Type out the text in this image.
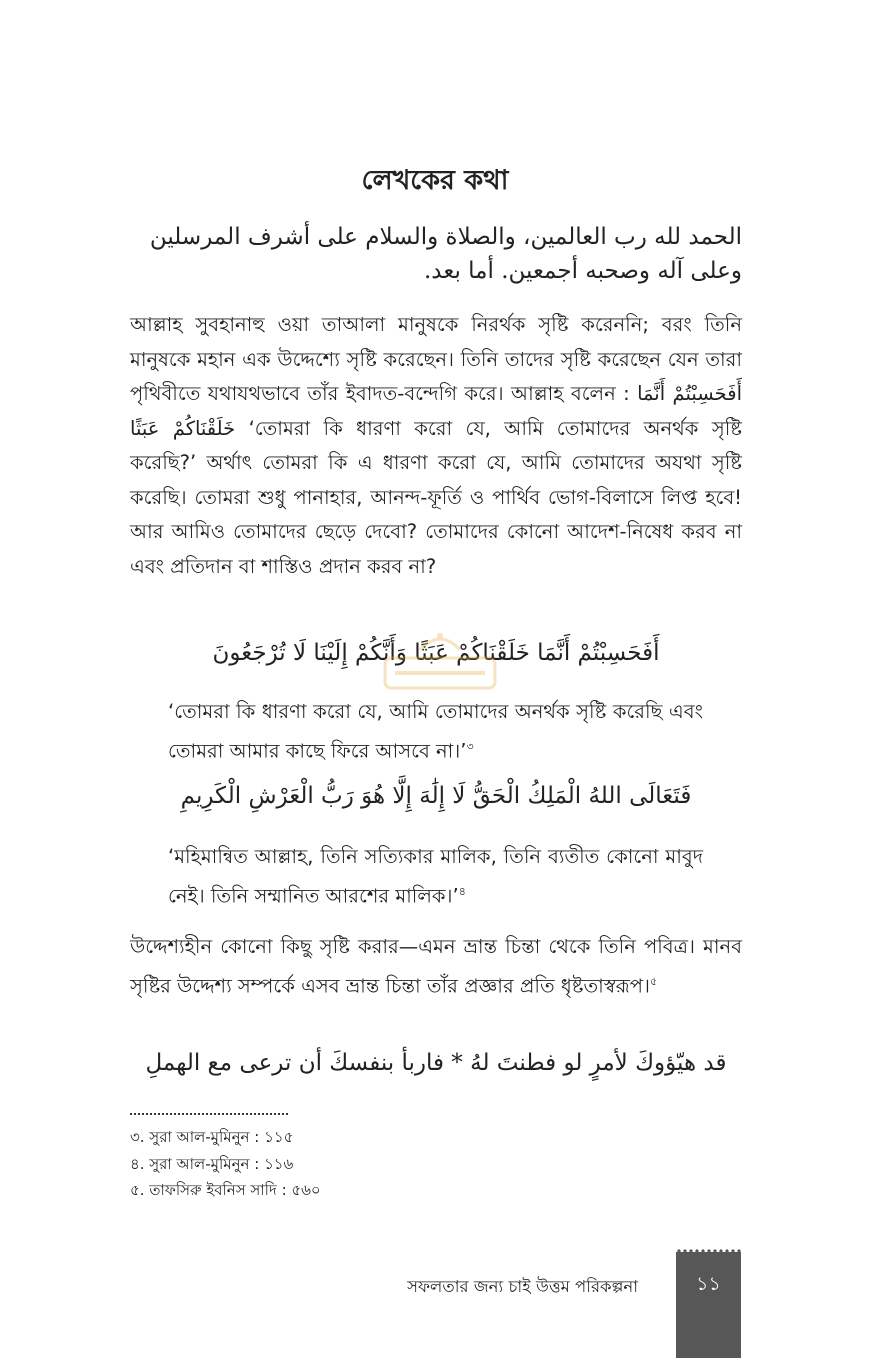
লেখকের কথা
الحمد لله رب العالمين، والصلاة والسلام على أشرف المرسلين وعلى آله وصحبه أجمعين. أما بعد.
আল্লাহ সুবহানাহু ওয়া তাআলা মানুষকে নিরর্থক সৃষ্টি করেননি; বরং তিনি মানুষকে মহান এক উদ্দেশ্যে সৃষ্টি করেছেন। তিনি তাদের সৃষ্টি করেছেন যেন তারা পৃথিবীতে যথাযথভাবে তাঁর ইবাদত-বন্দেগি করে। আল্লাহ বলেন : أَفَحَسِبْتُمْ أَنَّمَا خَلَقْنَاكُمْ عَبَثًا ‘তোমরা কি ধারণা করো যে, আমি তোমাদের অনর্থক সৃষ্টি করেছি?’ অর্থাৎ তোমরা কি এ ধারণা করো যে, আমি তোমাদের অযথা সৃষ্টি করেছি। তোমরা শুধু পানাহার, আনন্দ-ফূর্তি ও পার্থিব ভোগ-বিলাসে লিপ্ত হবে! আর আমিও তোমাদের ছেড়ে দেবো? তোমাদের কোনো আদেশ-নিষেধ করব না এবং প্রতিদান বা শাস্তিও প্রদান করব না?
أَفَحَسِبْتُمْ أَنَّمَا خَلَقْنَاكُمْ عَبَثًا وَأَنَّكُمْ إِلَيْنَا لَا تُرْجَعُونَ
‘তোমরা কি ধারণা করো যে, আমি তোমাদের অনর্থক সৃষ্টি করেছি এবং তোমরা আমার কাছে ফিরে আসবে না।’$^৩$
فَتَعَالَى اللهُ الْمَلِكُ الْحَقُّ لَا إِلَٰهَ إِلَّا هُوَ رَبُّ الْعَرْشِ الْكَرِيمِ
‘মহিমান্বিত আল্লাহ, তিনি সত্যিকার মালিক, তিনি ব্যতীত কোনো মাবুদ নেই। তিনি সম্মানিত আরশের মালিক।’$^৪$
উদ্দেশ্যহীন কোনো কিছু সৃষ্টি করার—এমন ভ্রান্ত চিন্তা থেকে তিনি পবিত্র। মানব সৃষ্টির উদ্দেশ্য সম্পর্কে এসব ভ্রান্ত চিন্তা তাঁর প্রজ্ঞার প্রতি ধৃষ্টতাস্বরূপ।$^৫$
قد هيّؤوكَ لأمرٍ لو فطنتَ لهُ * فاربأ بنفسكَ أن ترعى مع الهملِ
৩. সুরা আল-মুমিনুন : ১১৫
৪. সুরা আল-মুমিনুন : ১১৬
৫. তাফসিরু ইবনিস সাদি : ৫৬০
সফলতার জন্য চাই উত্তম পরিকল্পনা	১১
